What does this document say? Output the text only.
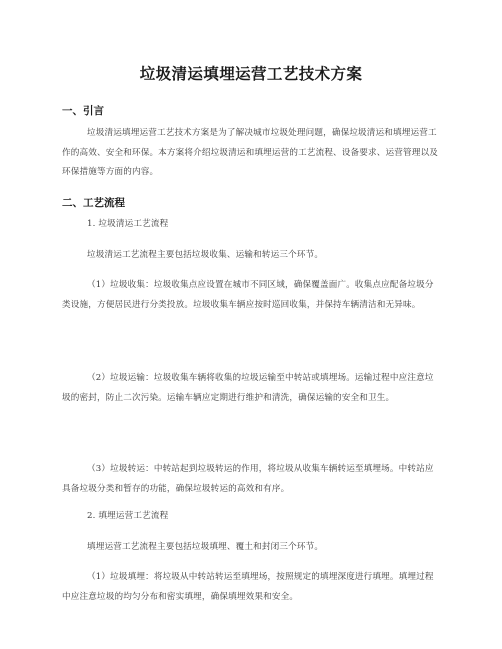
垃圾清运填埋运营工艺技术方案
一、引言

垃圾清运填埋运营工艺技术方案是为了解决城市垃圾处理问题，确保垃圾清运和填埋运营工作的高效、安全和环保。本方案将介绍垃圾清运和填埋运营的工艺流程、设备要求、运营管理以及环保措施等方面的内容。

二、工艺流程
1. 垃圾清运工艺流程
垃圾清运工艺流程主要包括垃圾收集、运输和转运三个环节。

（1）垃圾收集：垃圾收集点应设置在城市不同区域，确保覆盖面广。收集点应配备垃圾分类设施，方便居民进行分类投放。垃圾收集车辆应按时巡回收集，并保持车辆清洁和无异味。

（2）垃圾运输：垃圾收集车辆将收集的垃圾运输至中转站或填埋场。运输过程中应注意垃圾的密封，防止二次污染。运输车辆应定期进行维护和清洗，确保运输的安全和卫生。

（3）垃圾转运：中转站起到垃圾转运的作用，将垃圾从收集车辆转运至填埋场。中转站应具备垃圾分类和暂存的功能，确保垃圾转运的高效和有序。

2. 填埋运营工艺流程
填埋运营工艺流程主要包括垃圾填埋、覆土和封闭三个环节。

（1）垃圾填埋：将垃圾从中转站转运至填埋场，按照规定的填埋深度进行填埋。填埋过程中应注意垃圾的均匀分布和密实填埋，确保填埋效果和安全。
